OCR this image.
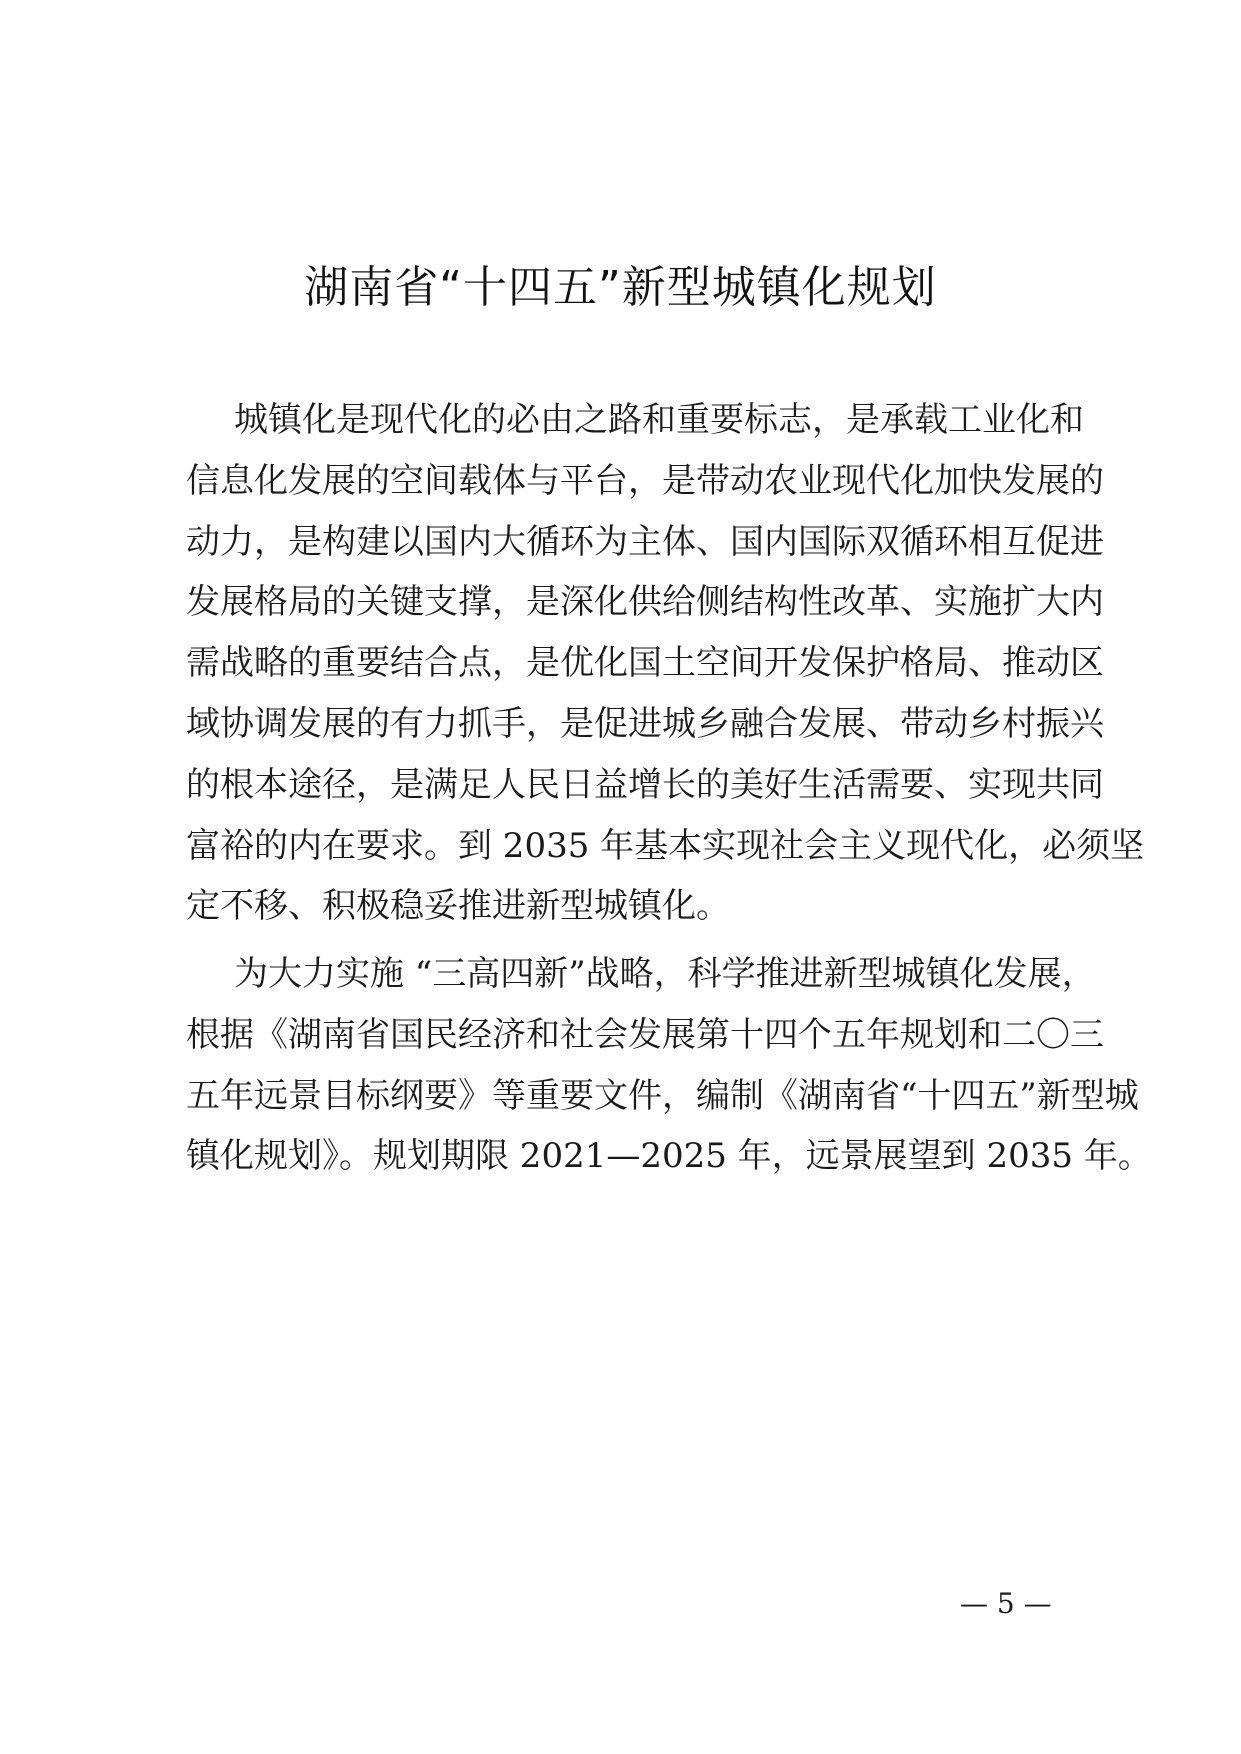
湖南省“十四五”新型城镇化规划
城镇化是现代化的必由之路和重要标志，是承载工业化和
信息化发展的空间载体与平台，是带动农业现代化加快发展的
动力，是构建以国内大循环为主体、国内国际双循环相互促进
发展格局的关键支撑，是深化供给侧结构性改革、实施扩大内
需战略的重要结合点，是优化国土空间开发保护格局、推动区
域协调发展的有力抓手，是促进城乡融合发展、带动乡村振兴
的根本途径，是满足人民日益增长的美好生活需要、实现共同
富裕的内在要求。到 2035 年基本实现社会主义现代化，必须坚
定不移、积极稳妥推进新型城镇化。
为大力实施 “三高四新”战略，科学推进新型城镇化发展，
根据《湖南省国民经济和社会发展第十四个五年规划和二〇三
五年远景目标纲要》等重要文件，编制《湖南省“十四五”新型城
镇化规划》。规划期限 2021—2025 年，远景展望到 2035 年。
— 5 —
